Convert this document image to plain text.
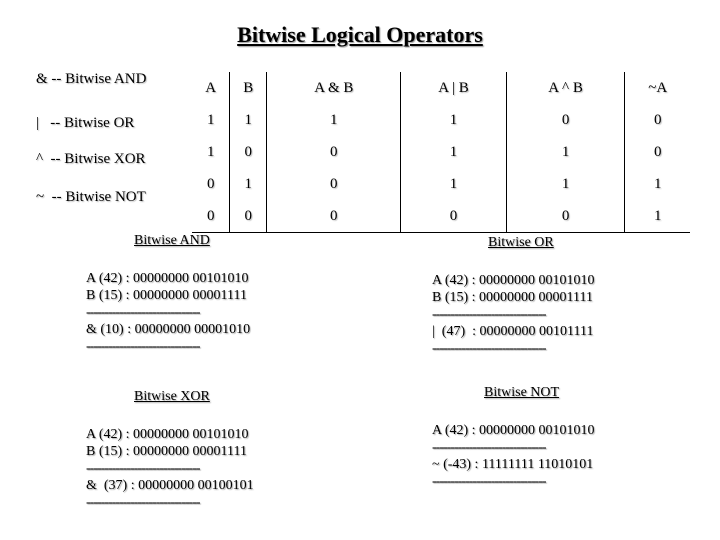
Bitwise Logical Operators
& -- Bitwise AND
|   -- Bitwise OR
^  -- Bitwise XOR
~  -- Bitwise NOT
A	B	A & B	A | B	A ^ B	~A
1	1	1	1	0	0
1	0	0	1	1	0
0	1	0	1	1	1
0	0	0	0	0	1
Bitwise AND
A (42) : 00000000 00101010
B (15) : 00000000 00001111
-------------------------------
& (10) : 00000000 00001010
-------------------------------
Bitwise OR
A (42) : 00000000 00101010
B (15) : 00000000 00001111
-------------------------------
|  (47)  : 00000000 00101111
-------------------------------
Bitwise XOR
A (42) : 00000000 00101010
B (15) : 00000000 00001111
-------------------------------
&  (37) : 00000000 00100101
-------------------------------
Bitwise NOT
A (42) : 00000000 00101010
-------------------------------
~ (-43) : 11111111 11010101
-------------------------------
